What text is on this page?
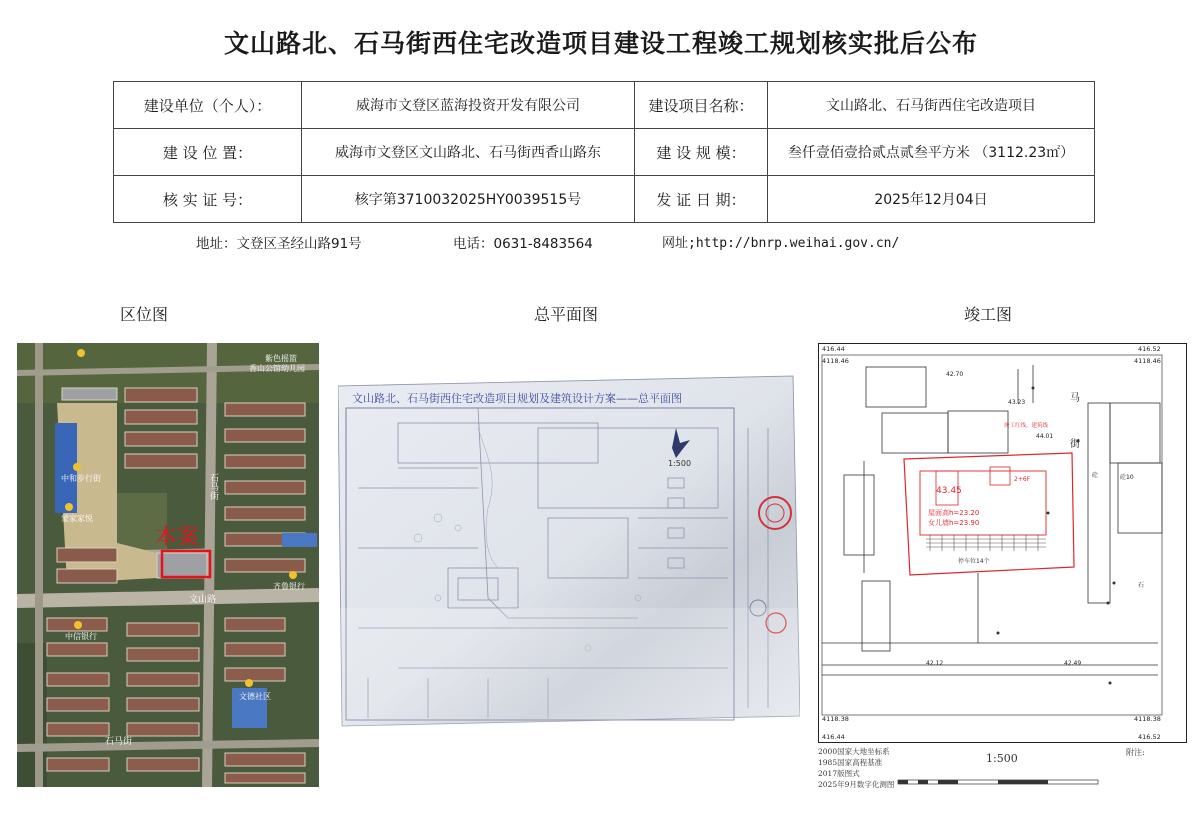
文山路北、石马街西住宅改造项目建设工程竣工规划核实批后公布
建设单位（个人）：	威海市文登区蓝海投资开发有限公司	建设项目名称：	文山路北、石马街西住宅改造项目
建 设 位 置：	威海市文登区文山路北、石马街西香山路东	建 设 规 模：	叁仟壹佰壹拾贰点贰叁平方米 （3112.23㎡）
核 实 证 号：	核字第3710032025HY0039515号	发 证 日 期：	2025年12月04日
地址：文登区圣经山路91号	电话：0631-8483564	网址;http://bnrp.weihai.gov.cn/
区位图	总平面图	竣工图
紫色摇篮
香山公馆幼儿园
中和步行街
蒙家家悦
本案
石马街
文山路
石马街
齐鲁银行
中信银行
文德社区
文山路北、石马街西住宅改造项目规划及建筑设计方案——总平面图
1:500
416.44
4118.46
416.52
4118.46
4118.38
416.44
4118.38
416.52
42.70
43.23
44.01
42.12	42.49
砼10
砼
石
马
街
竣工红线、建筑线
43.45
屋面高h=23.20
女儿墙h=23.90
2+6F
停车位14个
2000国家大地坐标系
1985国家高程基准
2017版图式
2025年9月数字化测图
1:500	附注:
